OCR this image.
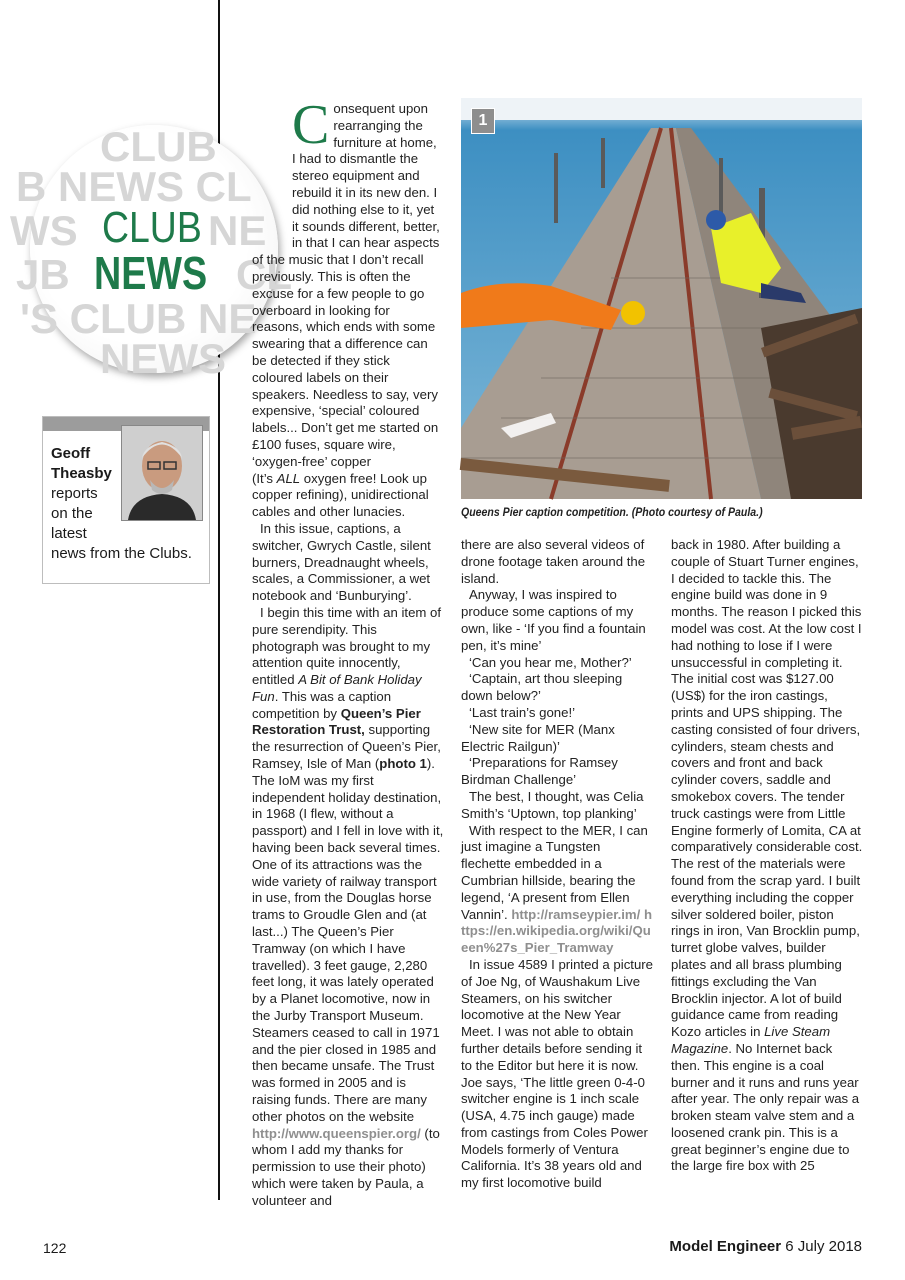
CLUB
B NEWS CL
WS	NE
JB	CL
'S CLUB NE
NEWS
CLUB
NEWS
Geoff
Theasby
reports
on the
latest
news from the Clubs.

Consequent upon rearranging the furniture at home, I had to dismantle the stereo equipment and rebuild it in its new den. I did nothing else to it, yet it sounds different, better, in that I can hear aspects of the music that I don’t recall previously. This is often the excuse for a few people to go overboard in looking for reasons, which ends with some swearing that a difference can be detected if they stick coloured labels on their speakers. Needless to say, very expensive, ‘special’ coloured labels... Don’t get me started on £100 fuses, square wire, ‘oxygen-free’ copper

(It’s ALL oxygen free! Look up copper refining), unidirectional cables and other lunacies.

In this issue, captions, a switcher, Gwrych Castle, silent burners, Dreadnaught wheels, scales, a Commissioner, a wet notebook and ‘Bunburying’.

I begin this time with an item of pure serendipity. This photograph was brought to my attention quite innocently, entitled A Bit of Bank Holiday Fun. This was a caption competition by Queen’s Pier Restoration Trust, supporting the resurrection of Queen’s Pier, Ramsey, Isle of Man (photo 1). The IoM was my first independent holiday destination, in 1968 (I flew, without a passport) and I fell in love with it, having been back several times. One of its attractions was the wide variety of railway transport in use, from the Douglas horse trams to Groudle Glen and (at last...) The Queen’s Pier Tramway (on which I have travelled). 3 feet gauge, 2,280 feet long, it was lately operated by a Planet locomotive, now in the Jurby Transport Museum. Steamers ceased to call in 1971 and the pier closed in 1985 and then became unsafe. The Trust was formed in 2005 and is raising funds. There are many other photos on the website http://www.queenspier.org/ (to whom I add my thanks for permission to use their photo) which were taken by Paula, a volunteer and

1
Queens Pier caption competition. (Photo courtesy of Paula.)

there are also several videos of drone footage taken around the island.

Anyway, I was inspired to produce some captions of my own, like - ‘If you find a fountain pen, it’s mine’

‘Can you hear me, Mother?’

‘Captain, art thou sleeping down below?’

‘Last train’s gone!’

‘New site for MER (Manx Electric Railgun)’

‘Preparations for Ramsey Birdman Challenge’

The best, I thought, was Celia Smith’s ‘Uptown, top planking’

With respect to the MER, I can just imagine a Tungsten flechette embedded in a Cumbrian hillside, bearing the legend, ‘A present from Ellen Vannin’. http://ramseypier.im/ https://en.wikipedia.org/wiki/Queen%27s_Pier_Tramway

In issue 4589 I printed a picture of Joe Ng, of Waushakum Live Steamers, on his switcher locomotive at the New Year Meet. I was not able to obtain further details before sending it to the Editor but here it is now. Joe says, ‘The little green 0-4-0 switcher engine is 1 inch scale (USA, 4.75 inch gauge) made from castings from Coles Power Models formerly of Ventura California. It’s 38 years old and my first locomotive build

back in 1980. After building a couple of Stuart Turner engines, I decided to tackle this. The engine build was done in 9 months. The reason I picked this model was cost. At the low cost I had nothing to lose if I were unsuccessful in completing it. The initial cost was $127.00 (US$) for the iron castings, prints and UPS shipping. The casting consisted of four drivers, cylinders, steam chests and covers and front and back cylinder covers, saddle and smokebox covers. The tender truck castings were from Little Engine formerly of Lomita, CA at comparatively considerable cost. The rest of the materials were found from the scrap yard. I built everything including the copper silver soldered boiler, piston rings in iron, Van Brocklin pump, turret globe valves, builder plates and all brass plumbing fittings excluding the Van Brocklin injector. A lot of build guidance came from reading Kozo articles in Live Steam Magazine. No Internet back then. This engine is a coal burner and it runs and runs year after year. The only repair was a broken steam valve stem and a loosened crank pin. This is a great beginner’s engine due to the large fire box with 25

122	Model Engineer 6 July 2018
